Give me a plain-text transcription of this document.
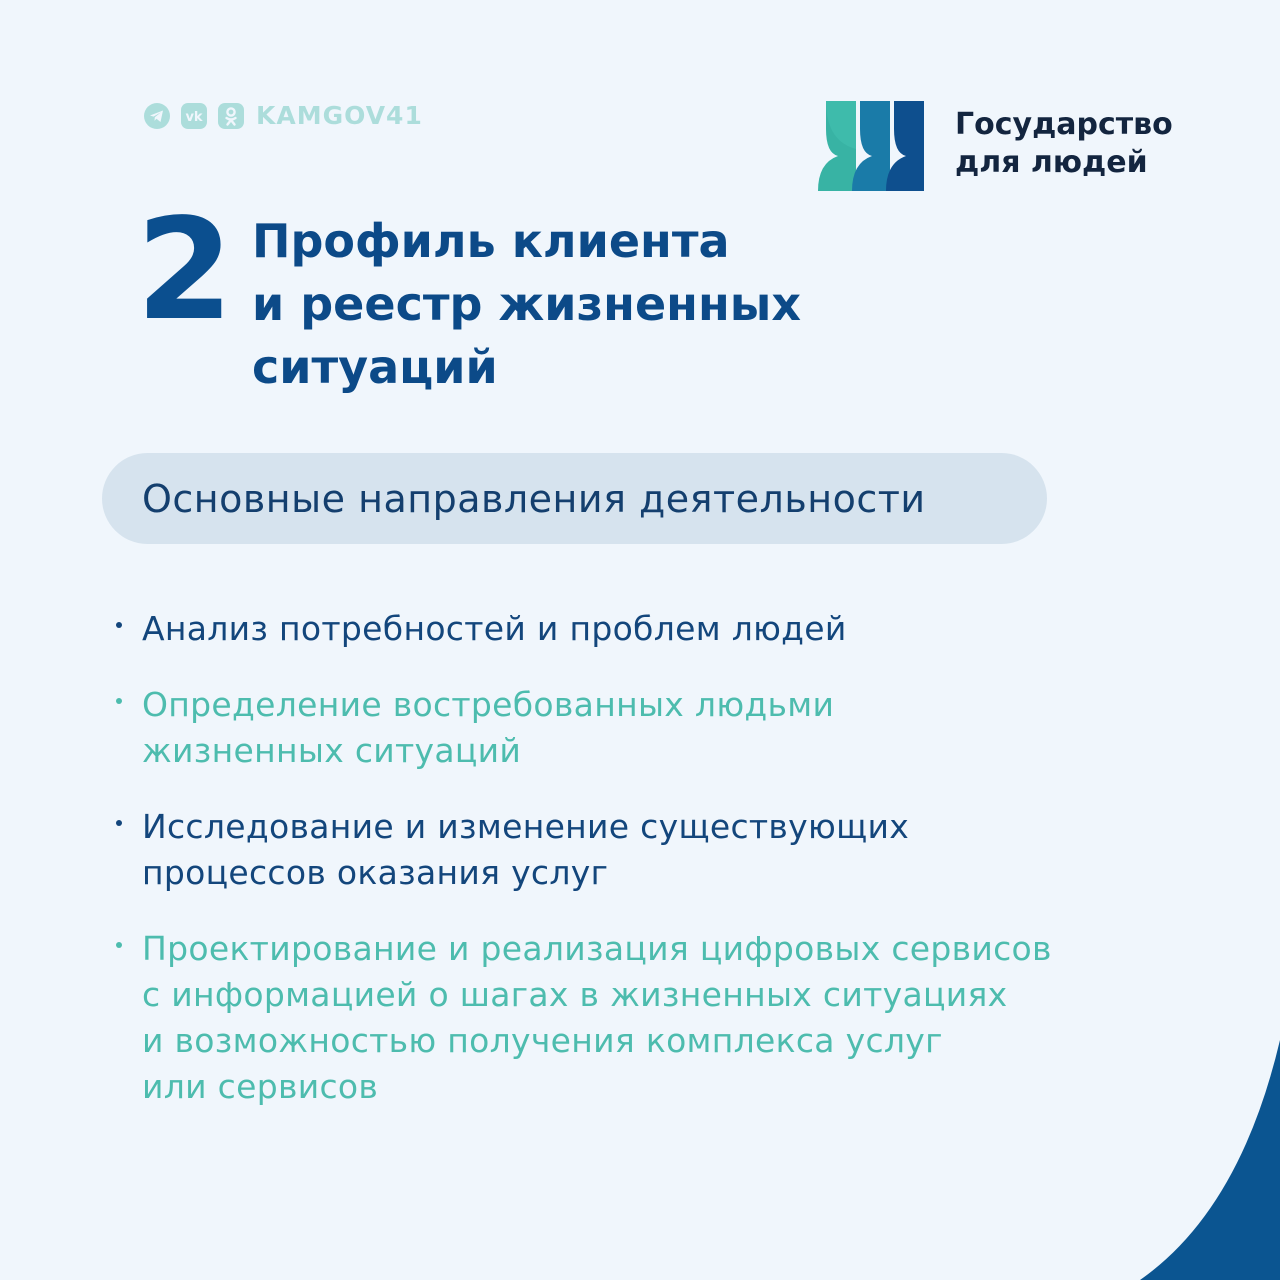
vk KAMGOV41	Государство
для людей
2 Профиль клиента
и реестр жизненных
ситуаций
Основные направления деятельности
Анализ потребностей и проблем людей
Определение востребованных людьми
жизненных ситуаций
Исследование и изменение существующих
процессов оказания услуг
Проектирование и реализация цифровых сервисов
с информацией о шагах в жизненных ситуациях
и возможностью получения комплекса услуг
или сервисов
